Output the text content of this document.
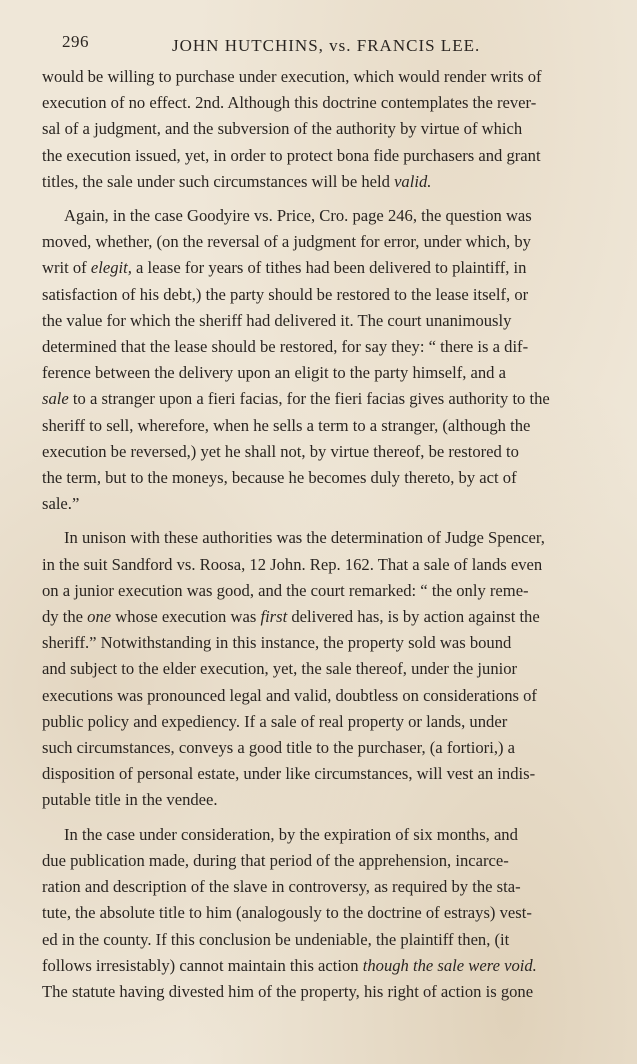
296	JOHN HUTCHINS, vs. FRANCIS LEE.
would be willing to purchase under execution, which would render writs of
execution of no effect. 2nd. Although this doctrine contemplates the rever-
sal of a judgment, and the subversion of the authority by virtue of which
the execution issued, yet, in order to protect bona fide purchasers and grant
titles, the sale under such circumstances will be held valid.
Again, in the case Goodyire vs. Price, Cro. page 246, the question was
moved, whether, (on the reversal of a judgment for error, under which, by
writ of elegit, a lease for years of tithes had been delivered to plaintiff, in
satisfaction of his debt,) the party should be restored to the lease itself, or
the value for which the sheriff had delivered it. The court unanimously
determined that the lease should be restored, for say they: “ there is a dif-
ference between the delivery upon an eligit to the party himself, and a
sale to a stranger upon a fieri facias, for the fieri facias gives authority to the
sheriff to sell, wherefore, when he sells a term to a stranger, (although the
execution be reversed,) yet he shall not, by virtue thereof, be restored to
the term, but to the moneys, because he becomes duly thereto, by act of
sale.”
In unison with these authorities was the determination of Judge Spencer,
in the suit Sandford vs. Roosa, 12 John. Rep. 162. That a sale of lands even
on a junior execution was good, and the court remarked: “ the only reme-
dy the one whose execution was first delivered has, is by action against the
sheriff.” Notwithstanding in this instance, the property sold was bound
and subject to the elder execution, yet, the sale thereof, under the junior
executions was pronounced legal and valid, doubtless on considerations of
public policy and expediency. If a sale of real property or lands, under
such circumstances, conveys a good title to the purchaser, (a fortiori,) a
disposition of personal estate, under like circumstances, will vest an indis-
putable title in the vendee.
In the case under consideration, by the expiration of six months, and
due publication made, during that period of the apprehension, incarce-
ration and description of the slave in controversy, as required by the sta-
tute, the absolute title to him (analogously to the doctrine of estrays) vest-
ed in the county. If this conclusion be undeniable, the plaintiff then, (it
follows irresistably) cannot maintain this action though the sale were void.
The statute having divested him of the property, his right of action is gone
